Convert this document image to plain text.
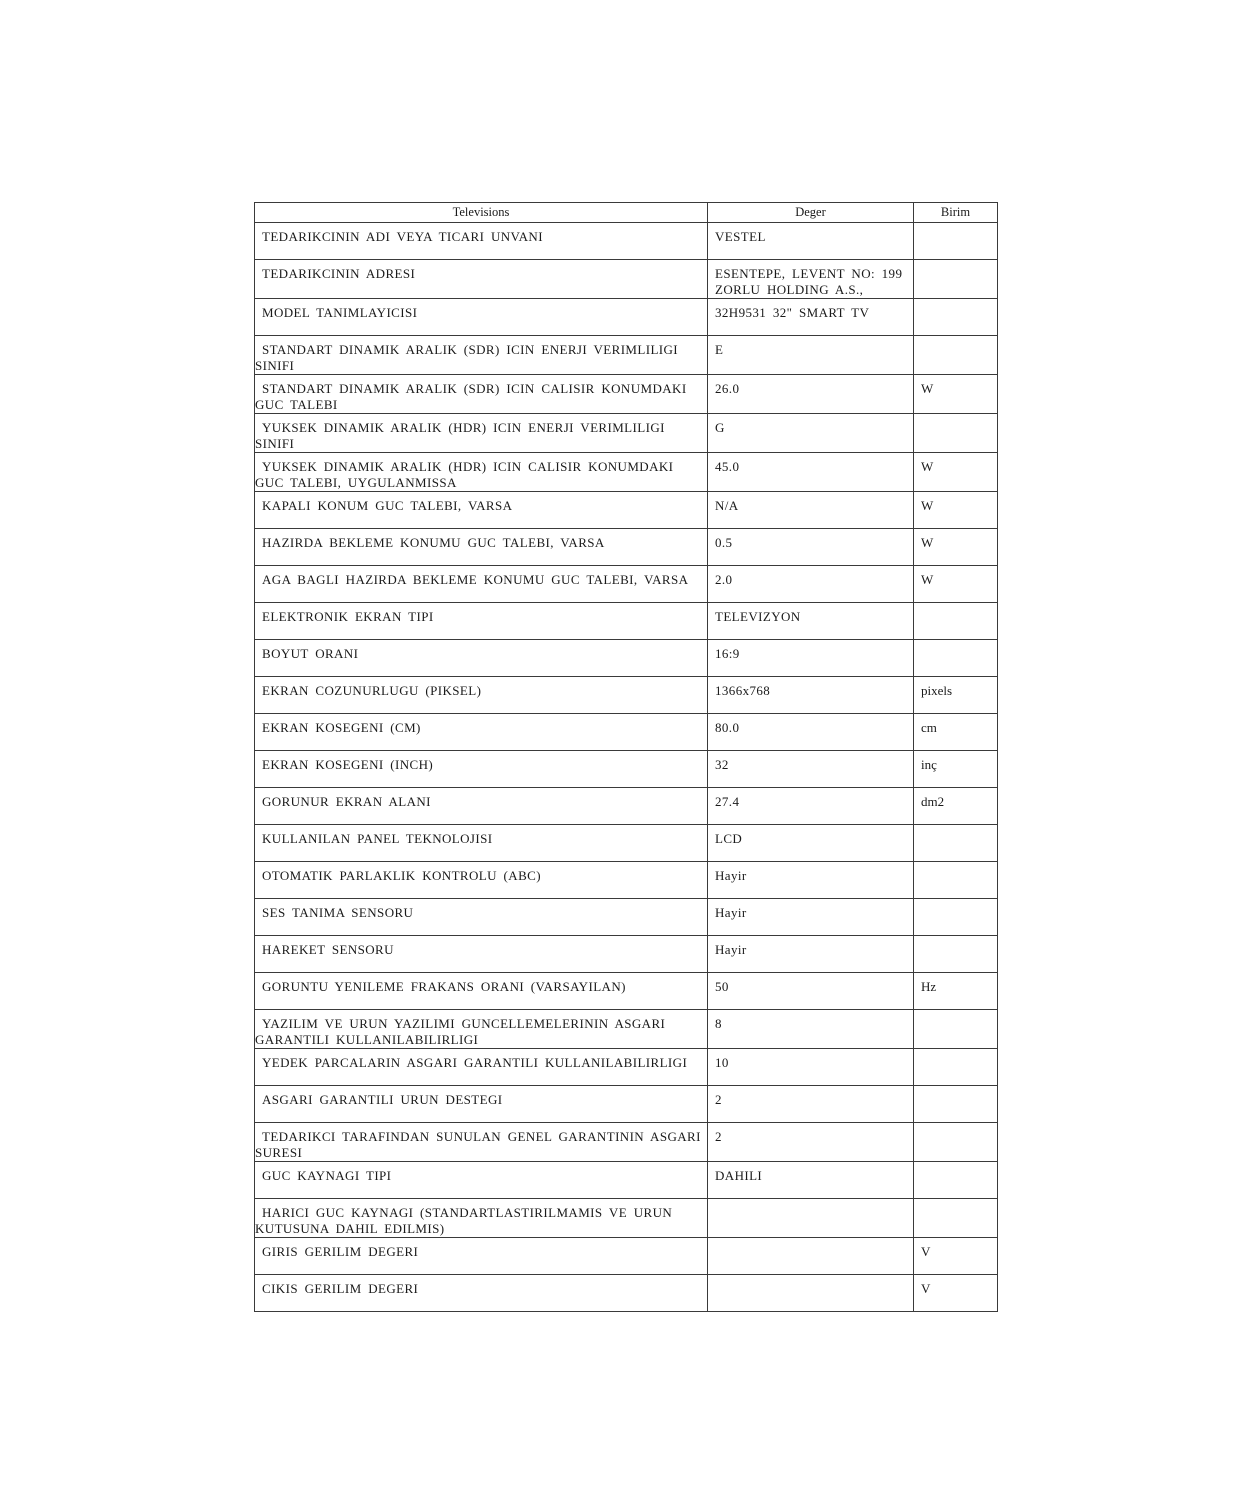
Televisions	Deger	Birim
TEDARIKCININ ADI VEYA TICARI UNVANI	VESTEL	
TEDARIKCININ ADRESI	ESENTEPE, LEVENT NO: 199 ZORLU HOLDING A.S.,	
MODEL TANIMLAYICISI	32H9531 32" SMART TV	
STANDART DINAMIK ARALIK (SDR) ICIN ENERJI VERIMLILIGI SINIFI	E	
STANDART DINAMIK ARALIK (SDR) ICIN CALISIR KONUMDAKI GUC TALEBI	26.0	W
YUKSEK DINAMIK ARALIK (HDR) ICIN ENERJI VERIMLILIGI SINIFI	G	
YUKSEK DINAMIK ARALIK (HDR) ICIN CALISIR KONUMDAKI GUC TALEBI, UYGULANMISSA	45.0	W
KAPALI KONUM GUC TALEBI, VARSA	N/A	W
HAZIRDA BEKLEME KONUMU GUC TALEBI, VARSA	0.5	W
AGA BAGLI HAZIRDA BEKLEME KONUMU GUC TALEBI, VARSA	2.0	W
ELEKTRONIK EKRAN TIPI	TELEVIZYON	
BOYUT ORANI	16:9	
EKRAN COZUNURLUGU (PIKSEL)	1366x768	pixels
EKRAN KOSEGENI (CM)	80.0	cm
EKRAN KOSEGENI (INCH)	32	inç
GORUNUR EKRAN ALANI	27.4	dm2
KULLANILAN PANEL TEKNOLOJISI	LCD	
OTOMATIK PARLAKLIK KONTROLU (ABC)	Hayir	
SES TANIMA SENSORU	Hayir	
HAREKET SENSORU	Hayir	
GORUNTU YENILEME FRAKANS ORANI (VARSAYILAN)	50	Hz
YAZILIM VE URUN YAZILIMI GUNCELLEMELERININ ASGARI GARANTILI KULLANILABILIRLIGI	8	
YEDEK PARCALARIN ASGARI GARANTILI KULLANILABILIRLIGI	10	
ASGARI GARANTILI URUN DESTEGI	2	
TEDARIKCI TARAFINDAN SUNULAN GENEL GARANTININ ASGARI SURESI	2	
GUC KAYNAGI TIPI	DAHILI	
HARICI GUC KAYNAGI (STANDARTLASTIRILMAMIS VE URUN KUTUSUNA DAHIL EDILMIS)		
GIRIS GERILIM DEGERI		V
CIKIS GERILIM DEGERI		V
